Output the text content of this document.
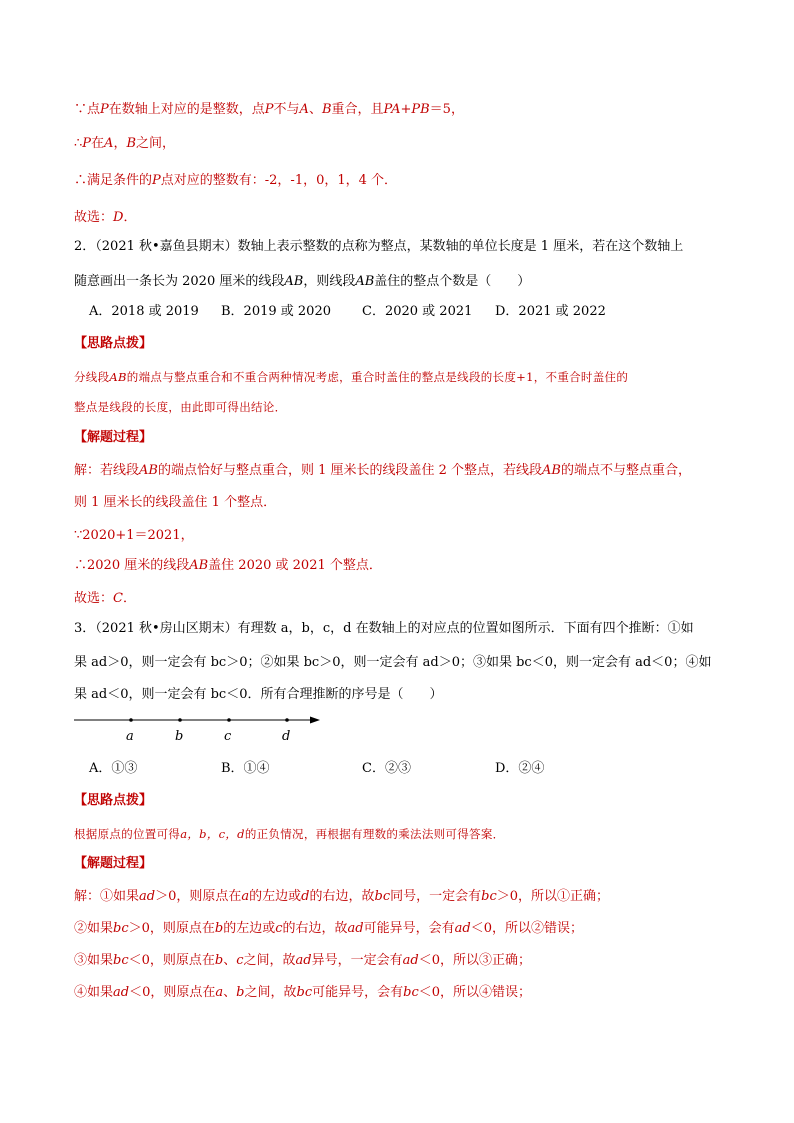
∵点P在数轴上对应的是整数，点P不与A、B重合，且PA+PB＝5，
∴P在A，B之间，
∴满足条件的P点对应的整数有：-2，-1，0，1，4 个．
故选：D．
2．（2021 秋•嘉鱼县期末）数轴上表示整数的点称为整点，某数轴的单位长度是 1 厘米，若在这个数轴上
随意画出一条长为 2020 厘米的线段AB，则线段AB盖住的整点个数是（　　）
A．2018 或 2019 B．2019 或 2020 C．2020 或 2021 D．2021 或 2022
【思路点拨】
分线段AB的端点与整点重合和不重合两种情况考虑，重合时盖住的整点是线段的长度+1，不重合时盖住的
整点是线段的长度，由此即可得出结论．
【解题过程】
解：若线段AB的端点恰好与整点重合，则 1 厘米长的线段盖住 2 个整点，若线段AB的端点不与整点重合，
则 1 厘米长的线段盖住 1 个整点．
∵2020+1＝2021，
∴2020 厘米的线段AB盖住 2020 或 2021 个整点．
故选：C．
3．（2021 秋•房山区期末）有理数 a，b，c，d 在数轴上的对应点的位置如图所示．下面有四个推断：①如
果 ad＞0，则一定会有 bc＞0；②如果 bc＞0，则一定会有 ad＞0；③如果 bc＜0，则一定会有 ad＜0；④如
果 ad＜0，则一定会有 bc＜0．所有合理推断的序号是（　　）
a	b	c	d
A．①③	B．①④	C．②③	D．②④
【思路点拨】
根据原点的位置可得a，b，c，d的正负情况，再根据有理数的乘法法则可得答案．
【解题过程】
解：①如果ad＞0，则原点在a的左边或d的右边，故bc同号，一定会有bc＞0，所以①正确；
②如果bc＞0，则原点在b的左边或c的右边，故ad可能异号，会有ad＜0，所以②错误；
③如果bc＜0，则原点在b、c之间，故ad异号，一定会有ad＜0，所以③正确；
④如果ad＜0，则原点在a、b之间，故bc可能异号，会有bc＜0，所以④错误；
